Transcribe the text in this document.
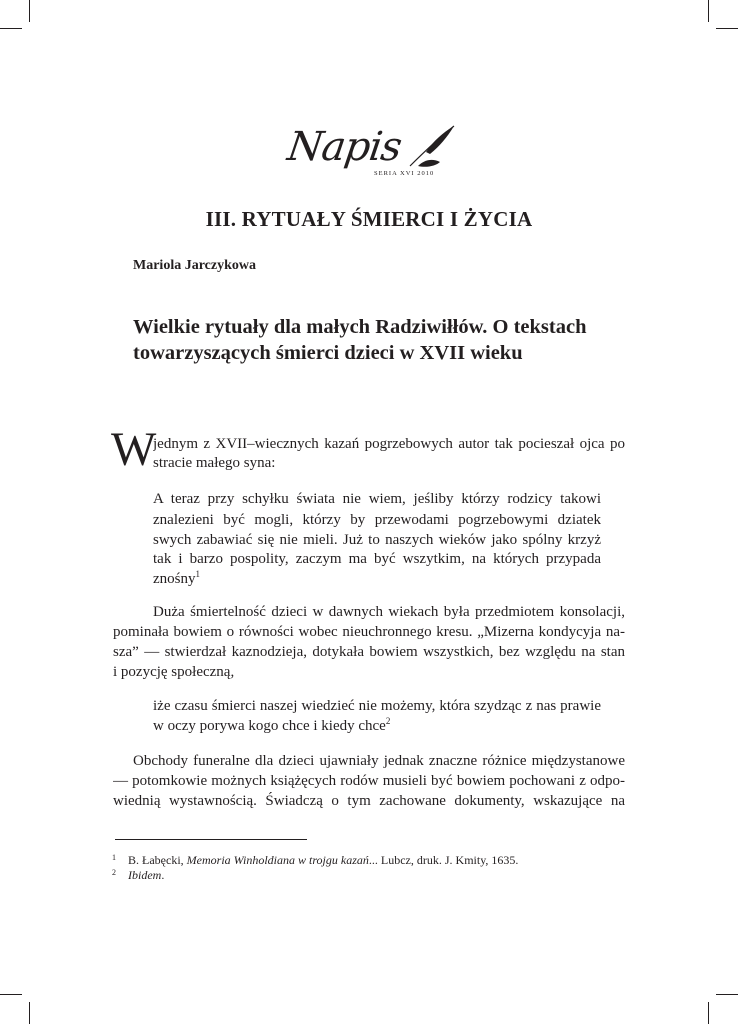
Napis
SERIA XVI 2010
III. RYTUAŁY ŚMIERCI I ŻYCIA
Mariola Jarczykowa
Wielkie rytuały dla małych Radziwiłłów. O tekstach
towarzyszących śmierci dzieci w XVII wieku
W
jednym z XVII–wiecznych kazań pogrzebowych autor tak pocieszał ojca po
stracie małego syna:
A teraz przy schyłku świata nie wiem, jeśliby którzy rodzicy takowi
znalezieni być mogli, którzy by przewodami pogrzebowymi dziatek
swych zabawiać się nie mieli. Już to naszych wieków jako spólny krzyż
tak i barzo pospolity, zaczym ma być wszytkim, na których przypada
znośny$^1$
Duża śmiertelność dzieci w dawnych wiekach była przedmiotem konsolacji,
pominała bowiem o równości wobec nieuchronnego kresu. „Mizerna kondycyja na-
sza” — stwierdzał kaznodzieja, dotykała bowiem wszystkich, bez względu na stan
i pozycję społeczną,
iże czasu śmierci naszej wiedzieć nie możemy, która szydząc z nas prawie
w oczy porywa kogo chce i kiedy chce$^2$
Obchody funeralne dla dzieci ujawniały jednak znaczne różnice międzystanowe
— potomkowie możnych książęcych rodów musieli być bowiem pochowani z odpo-
wiednią wystawnością. Świadczą o tym zachowane dokumenty, wskazujące na
1 B. Łabęcki, Memoria Winholdiana w trojgu kazań... Lubcz, druk. J. Kmity, 1635.
2 Ibidem.
